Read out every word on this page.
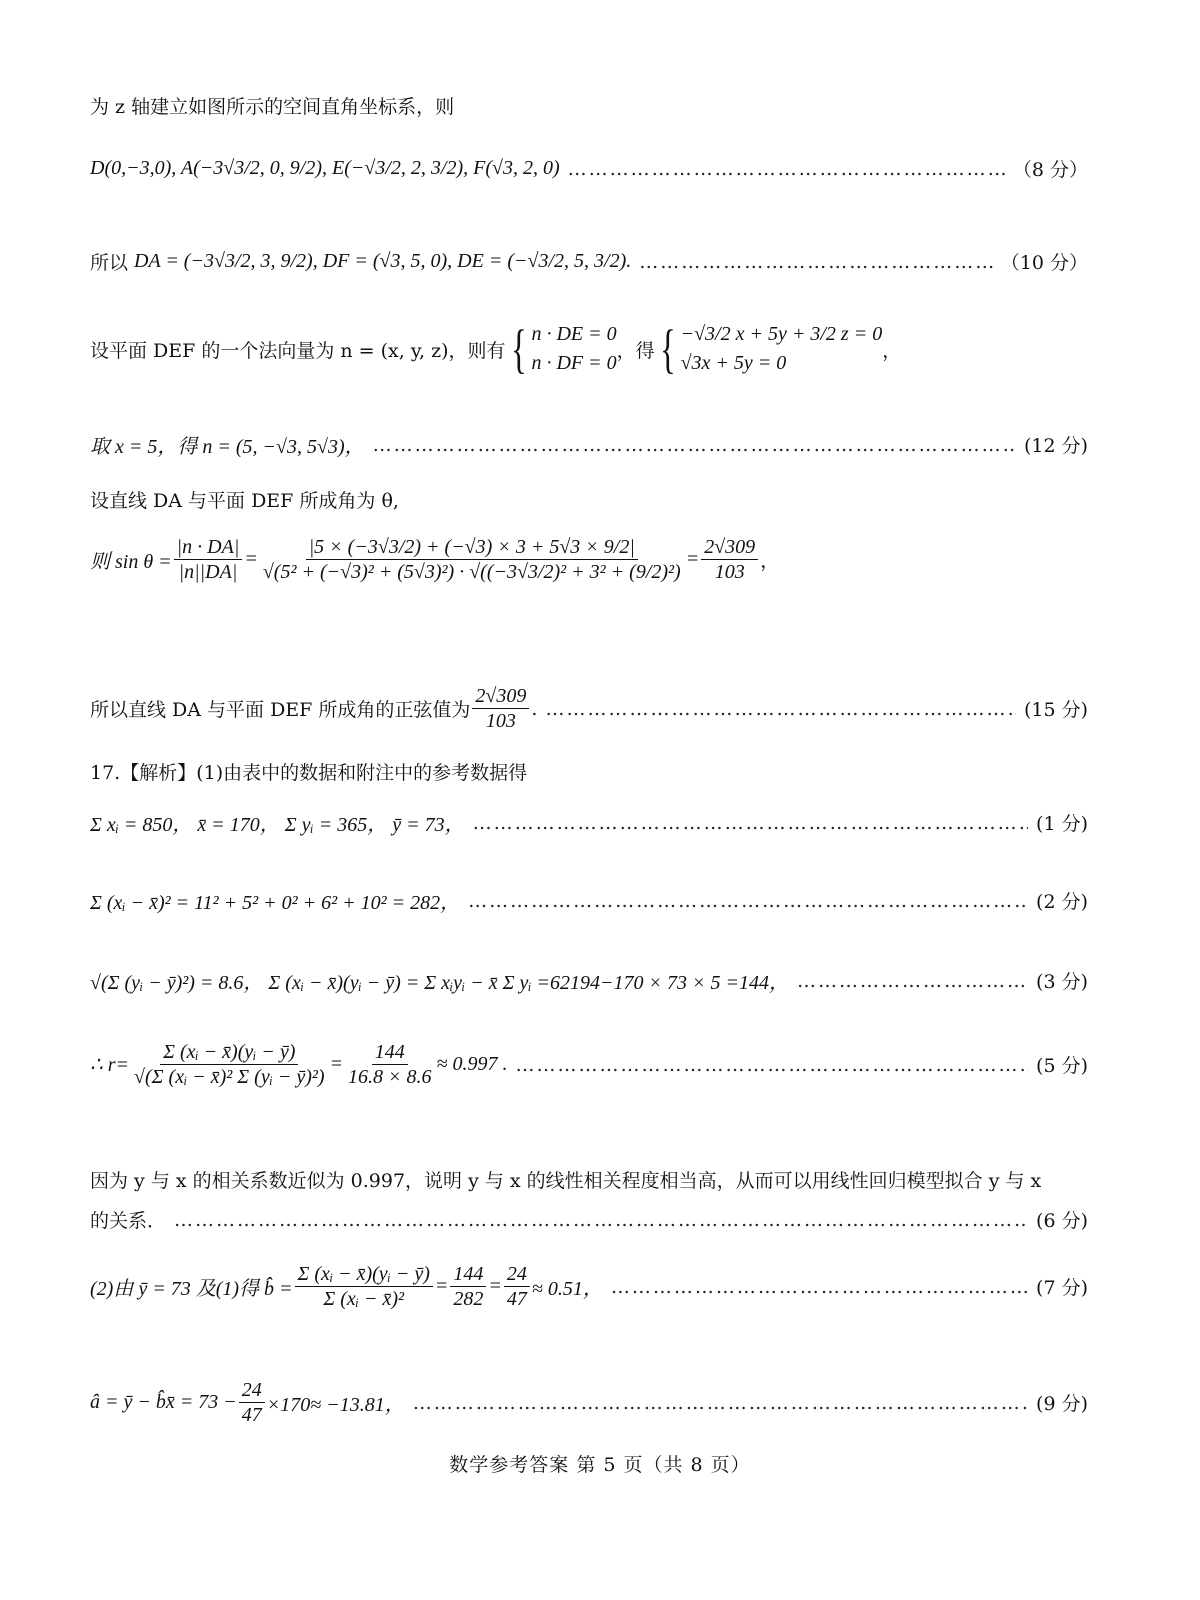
为 z 轴建立如图所示的空间直角坐标系，则
D(0,−3,0), A(−3√3/2, 0, 9/2), E(−√3/2, 2, 3/2), F(√3, 2, 0) …………………………………………………………………………………………………………………………………………………………………………………………………………	（8 分）
所以 DA = (−3√3/2, 3, 9/2), DF = (√3, 5, 0), DE = (−√3/2, 5, 3/2). …………………………………………………………………………………………………………………………………………………………………………………………………………	（10 分）
设平面 DEF 的一个法向量为 n = (x, y, z)，则有 { n · DE = 0
n · DF = 0
，得 { −√3/2 x + 5y + 3/2 z = 0
√3x + 5y = 0
，
取 x = 5，得 n = (5, −√3, 5√3)， …………………………………………………………………………………………………………………………………………………………………………………………………………	(12 分)
设直线 DA 与平面 DEF 所成角为 θ,
则 $\sin \theta = \frac{|n \cdot DA|}{|n||DA|} = \frac{|5 \times (-3√3/2) + (-√3) \times 3 + 5√3 \times 9/2|}{\text{√(5² + (−√3)² + (5√3)²) · √((−3√3/2)² + 3² + (9/2)²)}} = \frac{2√309}{103}$ ，
所以直线 DA 与平面 DEF 所成角的正弦值为 $\frac{2√309}{103}$ . …………………………………………………………………………………………………………………………………………………………………………………………………………	(15 分)
17.【解析】(1)由表中的数据和附注中的参考数据得
Σ xᵢ = 850， x̄ = 170， Σ yᵢ = 365， ȳ = 73， …………………………………………………………………………………………………………………………………………………………………………………………………………	(1 分)
Σ (xᵢ − x̄)² = 11² + 5² + 0² + 6² + 10² = 282， …………………………………………………………………………………………………………………………………………………………………………………………………………	(2 分)
√(Σ (yᵢ − ȳ)²) = 8.6， Σ (xᵢ − x̄)(yᵢ − ȳ) = Σ xᵢyᵢ − x̄ Σ yᵢ =62194−170 × 73 × 5 =144， …………………………………………………………………………………………………………………………………………………………………………………………………………	(3 分)
∴ $r= \frac{\text{Σ (xᵢ − x̄)(yᵢ − ȳ)}}{\text{√(Σ (xᵢ − x̄)² Σ (yᵢ − ȳ)²)}} = \frac{144}{16.8 \times 8.6} \approx 0.997$ . …………………………………………………………………………………………………………………………………………………………………………………………………………	(5 分)
因为 y 与 x 的相关系数近似为 0.997，说明 y 与 x 的线性相关程度相当高，从而可以用线性回归模型拟合 y 与 x
的关系． …………………………………………………………………………………………………………………………………………………………………………………………………………	(6 分)
(2)由 ȳ = 73 及(1)得 b̂ = $\frac{\text{Σ (xᵢ − x̄)(yᵢ − ȳ)}}{\text{Σ (xᵢ − x̄)²}} = \frac{144}{282} = \frac{24}{47} \approx 0.51$， …………………………………………………………………………………………………………………………………………………………………………………………………………	(7 分)
â = ȳ − b̂x̄ = $73 - \frac{24}{47} \times 170\approx -13.81$， …………………………………………………………………………………………………………………………………………………………………………………………………………	(9 分)
数学参考答案 第 5 页（共 8 页）
